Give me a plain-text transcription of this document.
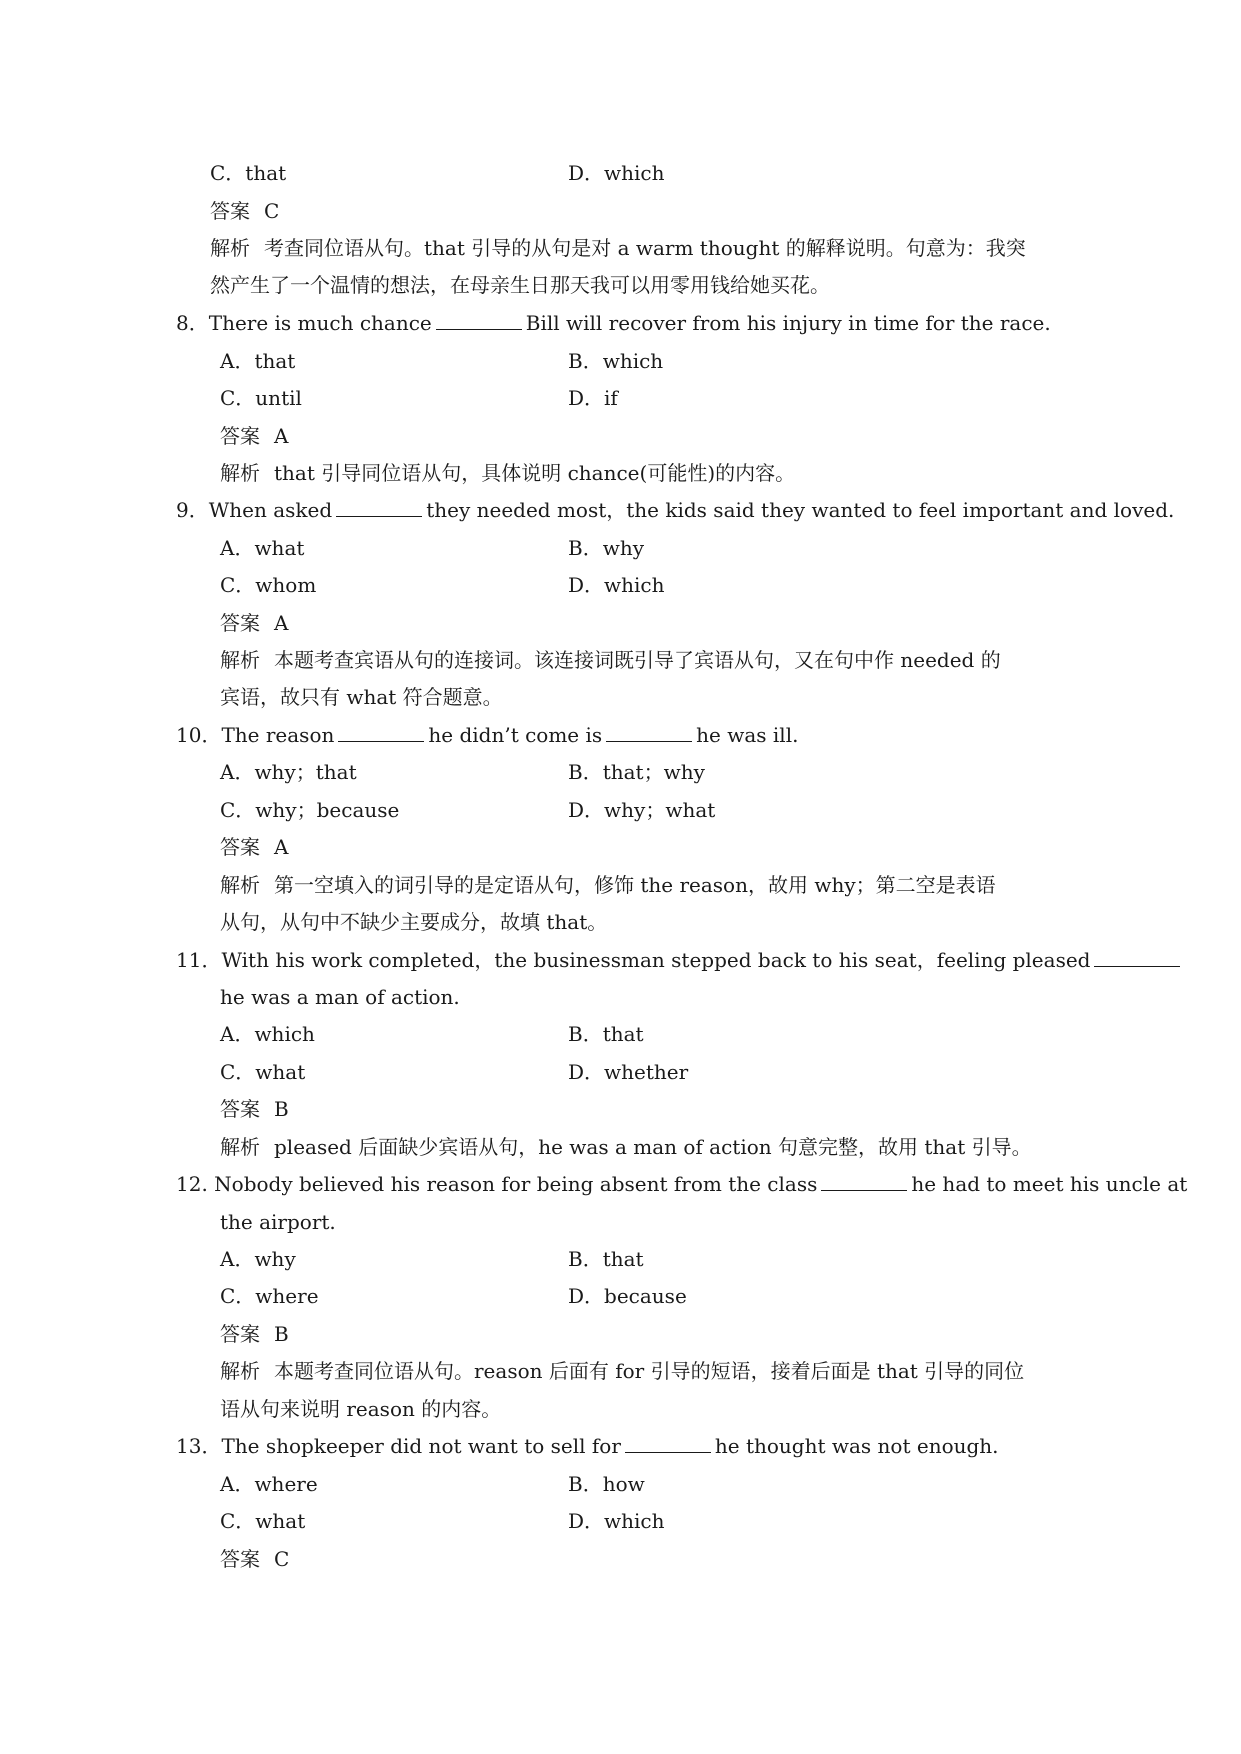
C．that	D．which
答案 C
解析 考查同位语从句。that 引导的从句是对 a warm thought 的解释说明。句意为：我突
然产生了一个温情的想法，在母亲生日那天我可以用零用钱给她买花。
8．There is much chance	Bill will recover from his injury in time for the race.
A．that	B．which
C．until	D．if
答案 A
解析 that 引导同位语从句，具体说明 chance(可能性)的内容。
9．When asked	they needed most，the kids said they wanted to feel important and loved.
A．what	B．why
C．whom	D．which
答案 A
解析 本题考查宾语从句的连接词。该连接词既引导了宾语从句，又在句中作 needed 的
宾语，故只有 what 符合题意。
10．The reason	he didn’t come is	he was ill.
A．why；that	B．that；why
C．why；because	D．why；what
答案 A
解析 第一空填入的词引导的是定语从句，修饰 the reason，故用 why；第二空是表语
从句，从句中不缺少主要成分，故填 that。
11．With his work completed，the businessman stepped back to his seat，feeling pleased
he was a man of action.
A．which	B．that
C．what	D．whether
答案 B
解析 pleased 后面缺少宾语从句，he was a man of action 句意完整，故用 that 引导。
12. Nobody believed his reason for being absent from the class	he had to meet his uncle at
the airport.
A．why	B．that
C．where	D．because
答案 B
解析 本题考查同位语从句。reason 后面有 for 引导的短语，接着后面是 that 引导的同位
语从句来说明 reason 的内容。
13．The shopkeeper did not want to sell for	he thought was not enough.
A．where	B．how
C．what	D．which
答案 C
